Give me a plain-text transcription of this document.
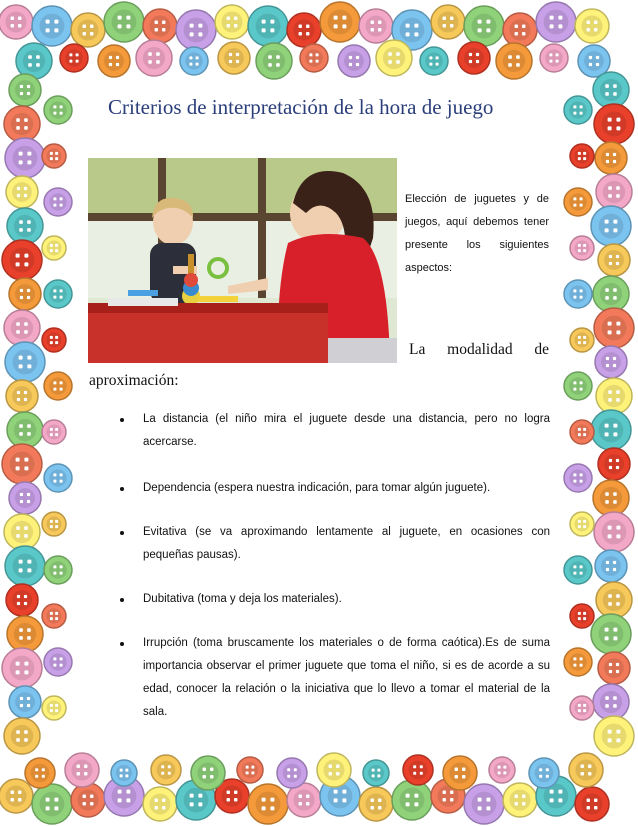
Criterios de interpretación de la hora de juego
Elección de juguetes y de juegos, aquí debemos tener presente los siguientes aspectos:
La modalidad de
aproximación:
La distancia (el niño mira el juguete desde una distancia, pero no logra acercarse.
Dependencia (espera nuestra indicación, para tomar algún juguete).
Evitativa (se va aproximando lentamente al juguete, en ocasiones con pequeñas pausas).
Dubitativa (toma y deja los materiales).
Irrupción (toma bruscamente los materiales o de forma caótica).Es de suma importancia observar el primer juguete que toma el niño, si es de acorde a su edad, conocer la relación o la iniciativa que lo llevo a tomar el material de la sala.
